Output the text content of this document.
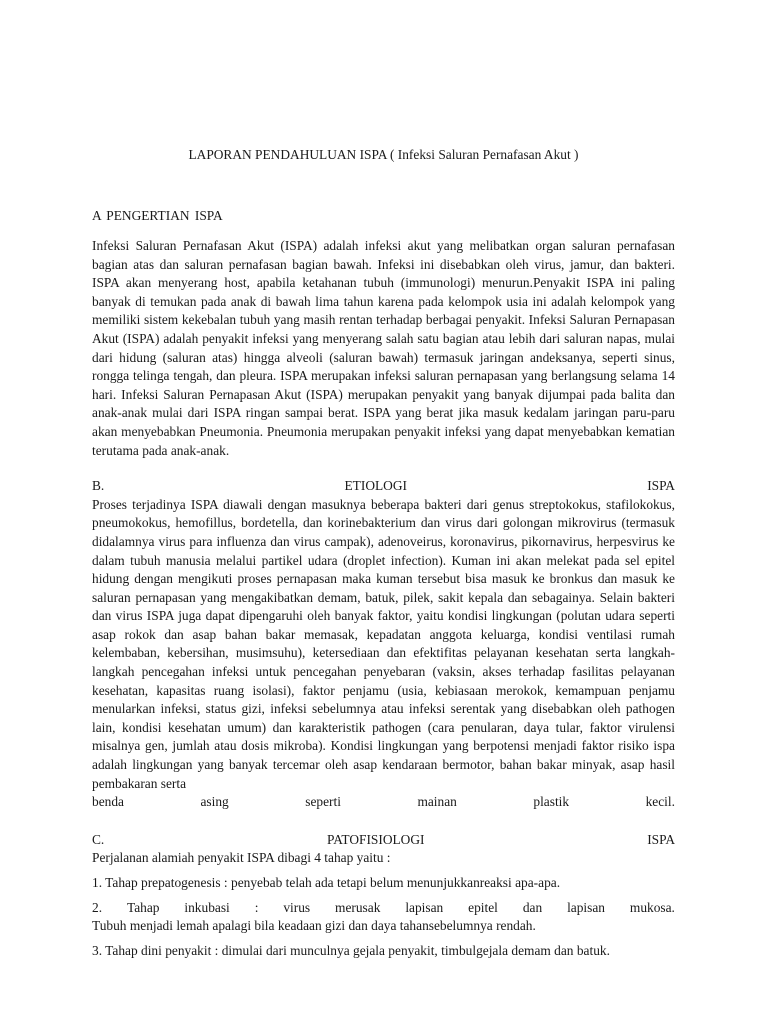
LAPORAN PENDAHULUAN ISPA ( Infeksi Saluran Pernafasan Akut )

A PENGERTIAN ISPA

Infeksi Saluran Pernafasan Akut (ISPA) adalah infeksi akut yang melibatkan organ saluran pernafasan bagian atas dan saluran pernafasan bagian bawah. Infeksi ini disebabkan oleh virus, jamur, dan bakteri. ISPA akan menyerang host, apabila ketahanan tubuh (immunologi) menurun.Penyakit ISPA ini paling banyak di temukan pada anak di bawah lima tahun karena pada kelompok usia ini adalah kelompok yang memiliki sistem kekebalan tubuh yang masih rentan terhadap berbagai penyakit. Infeksi Saluran Pernapasan Akut (ISPA) adalah penyakit infeksi yang menyerang salah satu bagian atau lebih dari saluran napas, mulai dari hidung (saluran atas) hingga alveoli (saluran bawah) termasuk jaringan andeksanya, seperti sinus, rongga telinga tengah, dan pleura. ISPA merupakan infeksi saluran pernapasan yang berlangsung selama 14 hari. Infeksi Saluran Pernapasan Akut (ISPA) merupakan penyakit yang banyak dijumpai pada balita dan anak-anak mulai dari ISPA ringan sampai berat. ISPA yang berat jika masuk kedalam jaringan paru-paru akan menyebabkan Pneumonia. Pneumonia merupakan penyakit infeksi yang dapat menyebabkan kematian terutama pada anak-anak.

B.	ETIOLOGI	ISPA

Proses terjadinya ISPA diawali dengan masuknya beberapa bakteri dari genus streptokokus, stafilokokus, pneumokokus, hemofillus, bordetella, dan korinebakterium dan virus dari golongan mikrovirus (termasuk didalamnya virus para influenza dan virus campak), adenoveirus, koronavirus, pikornavirus, herpesvirus ke dalam tubuh manusia melalui partikel udara (droplet infection). Kuman ini akan melekat pada sel epitel hidung dengan mengikuti proses pernapasan maka kuman tersebut bisa masuk ke bronkus dan masuk ke saluran pernapasan yang mengakibatkan demam, batuk, pilek, sakit kepala dan sebagainya. Selain bakteri dan virus ISPA juga dapat dipengaruhi oleh banyak faktor, yaitu kondisi lingkungan (polutan udara seperti asap rokok dan asap bahan bakar memasak, kepadatan anggota keluarga, kondisi ventilasi rumah kelembaban, kebersihan, musimsuhu), ketersediaan dan efektifitas pelayanan kesehatan serta langkah-langkah pencegahan infeksi untuk pencegahan penyebaran (vaksin, akses terhadap fasilitas pelayanan kesehatan, kapasitas ruang isolasi), faktor penjamu (usia, kebiasaan merokok, kemampuan penjamu menularkan infeksi, status gizi, infeksi sebelumnya atau infeksi serentak yang disebabkan oleh pathogen lain, kondisi kesehatan umum) dan karakteristik pathogen (cara penularan, daya tular, faktor virulensi misalnya gen, jumlah atau dosis mikroba). Kondisi lingkungan yang berpotensi menjadi faktor risiko ispa adalah lingkungan yang banyak tercemar oleh asap kendaraan bermotor, bahan bakar minyak, asap hasil pembakaran serta

benda	asing	seperti	mainan	plastik	kecil.
C.	PATOFISIOLOGI	ISPA

Perjalanan alamiah penyakit ISPA dibagi 4 tahap yaitu :

1. Tahap prepatogenesis : penyebab telah ada tetapi belum menunjukkanreaksi apa-apa.

2. Tahap inkubasi : virus merusak lapisan epitel dan lapisan mukosa.

Tubuh menjadi lemah apalagi bila keadaan gizi dan daya tahansebelumnya rendah.

3. Tahap dini penyakit : dimulai dari munculnya gejala penyakit, timbulgejala demam dan batuk.
